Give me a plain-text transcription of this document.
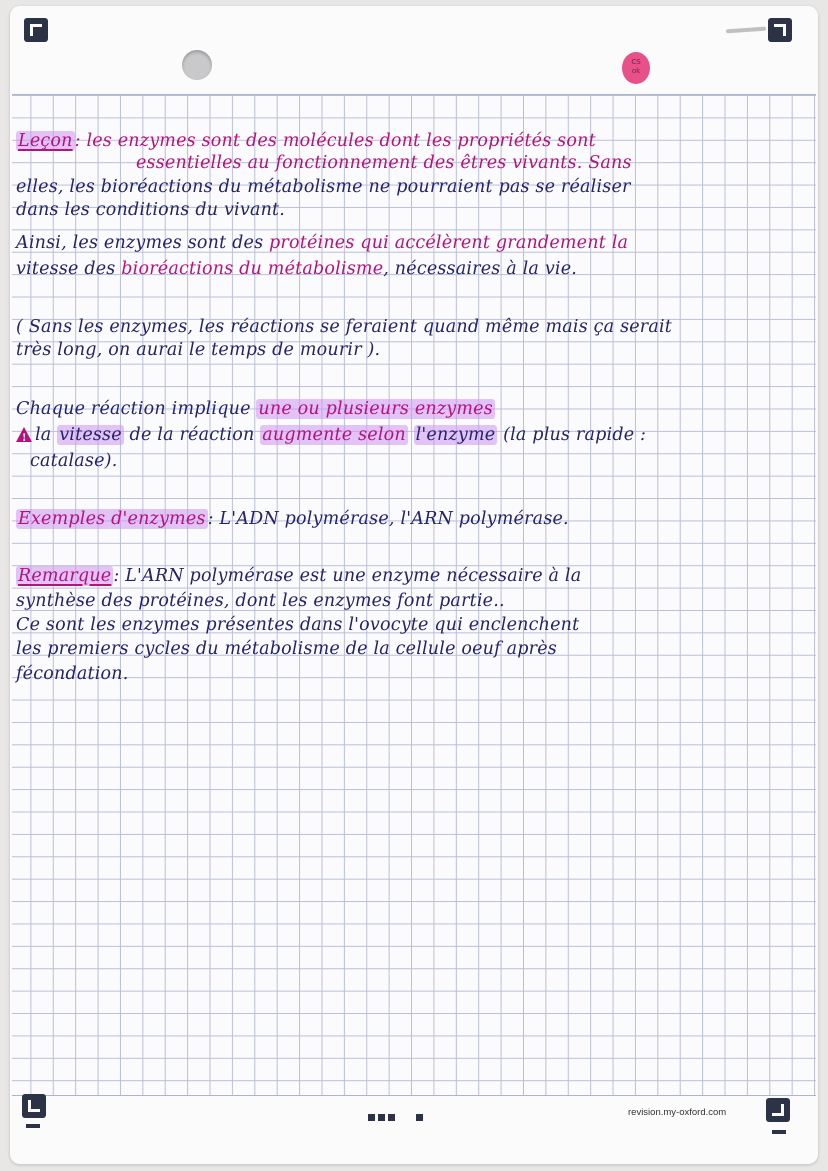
CS
ok
revision.my-oxford.com
Leçon : les enzymes sont des molécules dont les propriétés sont
essentielles au fonctionnement des êtres vivants. Sans
elles, les bioréactions du métabolisme ne pourraient pas se réaliser
dans les conditions du vivant.
Ainsi, les enzymes sont des protéines qui accélèrent grandement la
vitesse des bioréactions du métabolisme, nécessaires à la vie.
( Sans les enzymes, les réactions se feraient quand même mais ça serait
très long, on aurai le temps de mourir ).
Chaque réaction implique une ou plusieurs enzymes
!la vitesse de la réaction augmente selon l'enzyme (la plus rapide :
catalase).
Exemples d'enzymes : L'ADN polymérase, l'ARN polymérase.
Remarque : L'ARN polymérase est une enzyme nécessaire à la
synthèse des protéines, dont les enzymes font partie..
Ce sont les enzymes présentes dans l'ovocyte qui enclenchent
les premiers cycles du métabolisme de la cellule oeuf après
fécondation.
